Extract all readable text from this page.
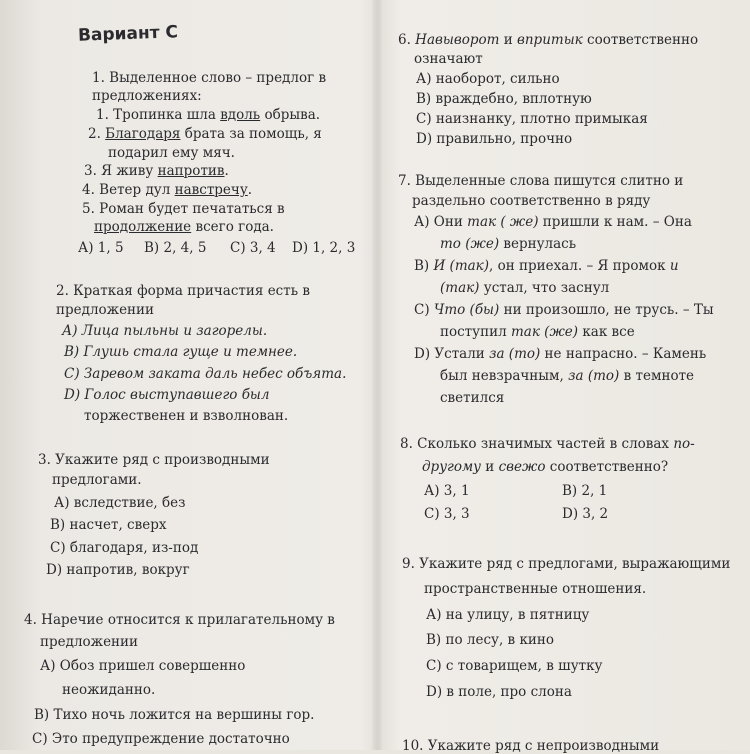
Вариант С
1. Выделенное слово – предлог в
предложениях:
1. Тропинка шла вдоль обрыва.
2. Благодаря брата за помощь, я
подарил ему мяч.
3. Я живу напротив.
4. Ветер дул навстречу.
5. Роман будет печататься в
продолжение всего года.
А) 1, 5 В) 2, 4, 5 С) 3, 4 D) 1, 2, 3
2. Краткая форма причастия есть в
предложении
А) Лица пыльны и загорелы.
В) Глушь стала гуще и темнее.
С) Заревом заката даль небес объята.
D) Голос выступавшего был
торжественен и взволнован.
3. Укажите ряд с производными
предлогами.
А) вследствие, без
В) насчет, сверх
С) благодаря, из-под
D) напротив, вокруг
4. Наречие относится к прилагательному в
предложении
А) Обоз пришел совершенно
неожиданно.
В) Тихо ночь ложится на вершины гор.
С) Это предупреждение достаточно
6. Навыворот и впритык соответственно
означают
А) наоборот, сильно
В) враждебно, вплотную
С) наизнанку, плотно примыкая
D) правильно, прочно
7. Выделенные слова пишутся слитно и
раздельно соответственно в ряду
А) Они так ( же) пришли к нам. – Она
то (же) вернулась
В) И (так), он приехал. – Я промок и
(так) устал, что заснул
С) Что (бы) ни произошло, не трусь. – Ты
поступил так (же) как все
D) Устали за (то) не напрасно. – Камень
был невзрачным, за (то) в темноте
светился
8. Сколько значимых частей в словах по-
другому и свежо соответственно?
А) 3, 1	В) 2, 1
С) 3, 3	D) 3, 2
9. Укажите ряд с предлогами, выражающими
пространственные отношения.
А) на улицу, в пятницу
В) по лесу, в кино
С) с товарищем, в шутку
D) в поле, про слона
10. Укажите ряд с непроизводными
